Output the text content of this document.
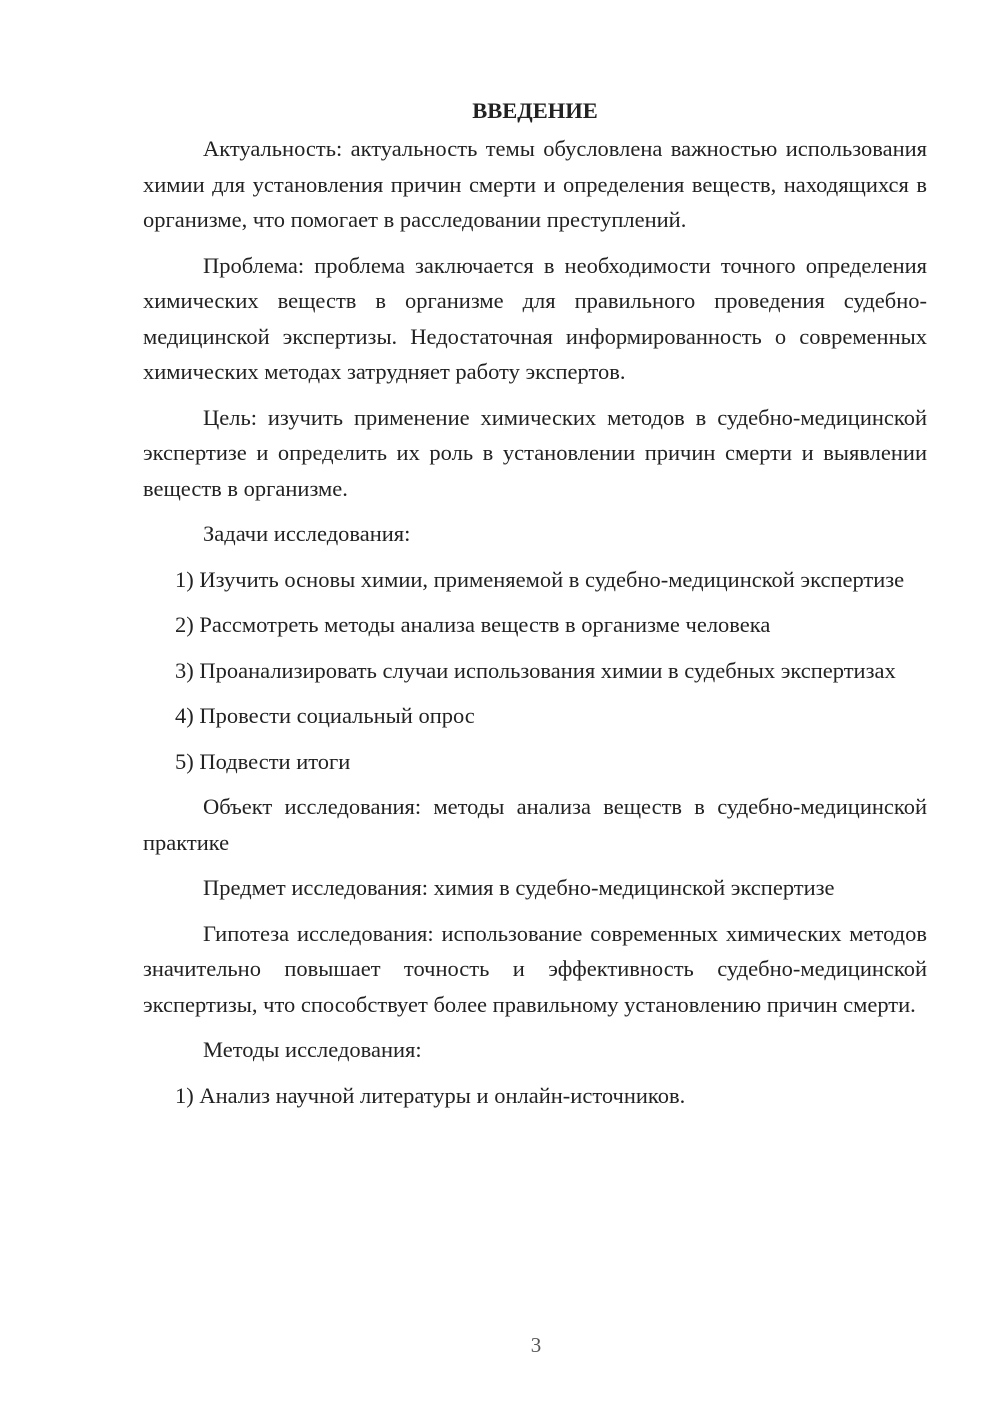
ВВЕДЕНИЕ

Актуальность: актуальность темы обусловлена важностью использования химии для установления причин смерти и определения веществ, находящихся в организме, что помогает в расследовании преступлений.

Проблема: проблема заключается в необходимости точного определения химических веществ в организме для правильного проведения судебно-медицинской экспертизы. Недостаточная информированность о современных химических методах затрудняет работу экспертов.

Цель: изучить применение химических методов в судебно-медицинской экспертизе и определить их роль в установлении причин смерти и выявлении веществ в организме.

Задачи исследования:

1) Изучить основы химии, применяемой в судебно-медицинской экспертизе

2) Рассмотреть методы анализа веществ в организме человека

3) Проанализировать случаи использования химии в судебных экспертизах

4) Провести социальный опрос

5) Подвести итоги

Объект исследования: методы анализа веществ в судебно-медицинской практике

Предмет исследования: химия в судебно-медицинской экспертизе

Гипотеза исследования: использование современных химических методов значительно повышает точность и эффективность судебно-медицинской экспертизы, что способствует более правильному установлению причин смерти.

Методы исследования:

1) Анализ научной литературы и онлайн-источников.

3
